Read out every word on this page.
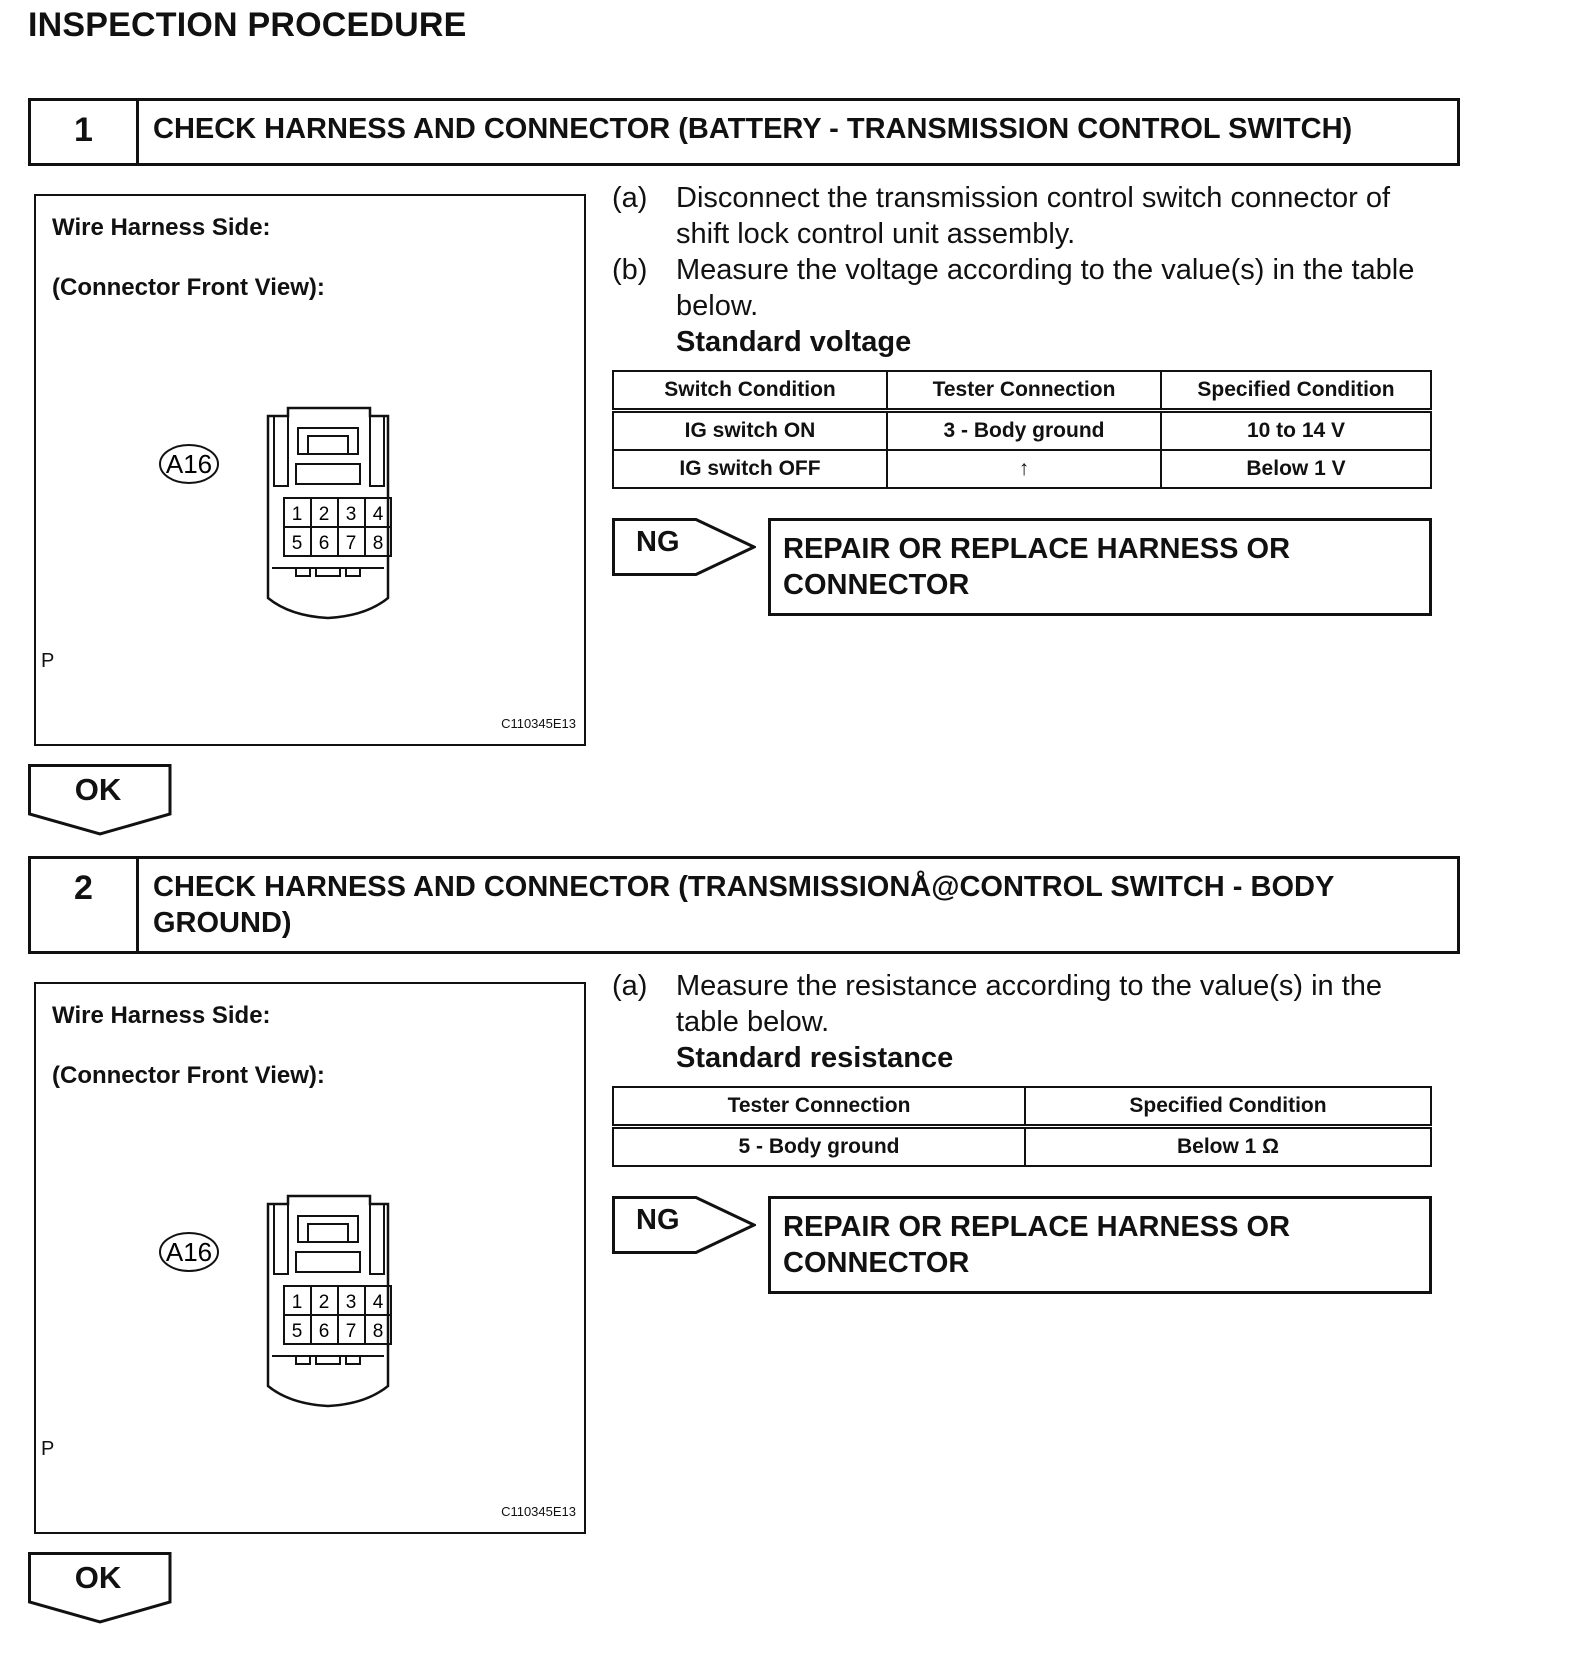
INSPECTION PROCEDURE
1	CHECK HARNESS AND CONNECTOR (BATTERY - TRANSMISSION CONTROL SWITCH)
Wire Harness Side:
(Connector Front View):
A16
1 2 3 4
5 6 7 8
P
C110345E13
(a) Disconnect the transmission control switch connector of shift lock control unit assembly.
(b) Measure the voltage according to the value(s) in the table below.
Standard voltage
Switch Condition	Tester Connection	Specified Condition
IG switch ON	3 - Body ground	10 to 14 V
IG switch OFF	↑	Below 1 V
NG	REPAIR OR REPLACE HARNESS OR CONNECTOR
OK
2	CHECK HARNESS AND CONNECTOR (TRANSMISSIONÅ@CONTROL SWITCH - BODY GROUND)
Wire Harness Side:
(Connector Front View):
A16
1 2 3 4
5 6 7 8
P
C110345E13
(a) Measure the resistance according to the value(s) in the table below.
Standard resistance
Tester Connection	Specified Condition
5 - Body ground	Below 1 Ω
NG	REPAIR OR REPLACE HARNESS OR CONNECTOR
OK
